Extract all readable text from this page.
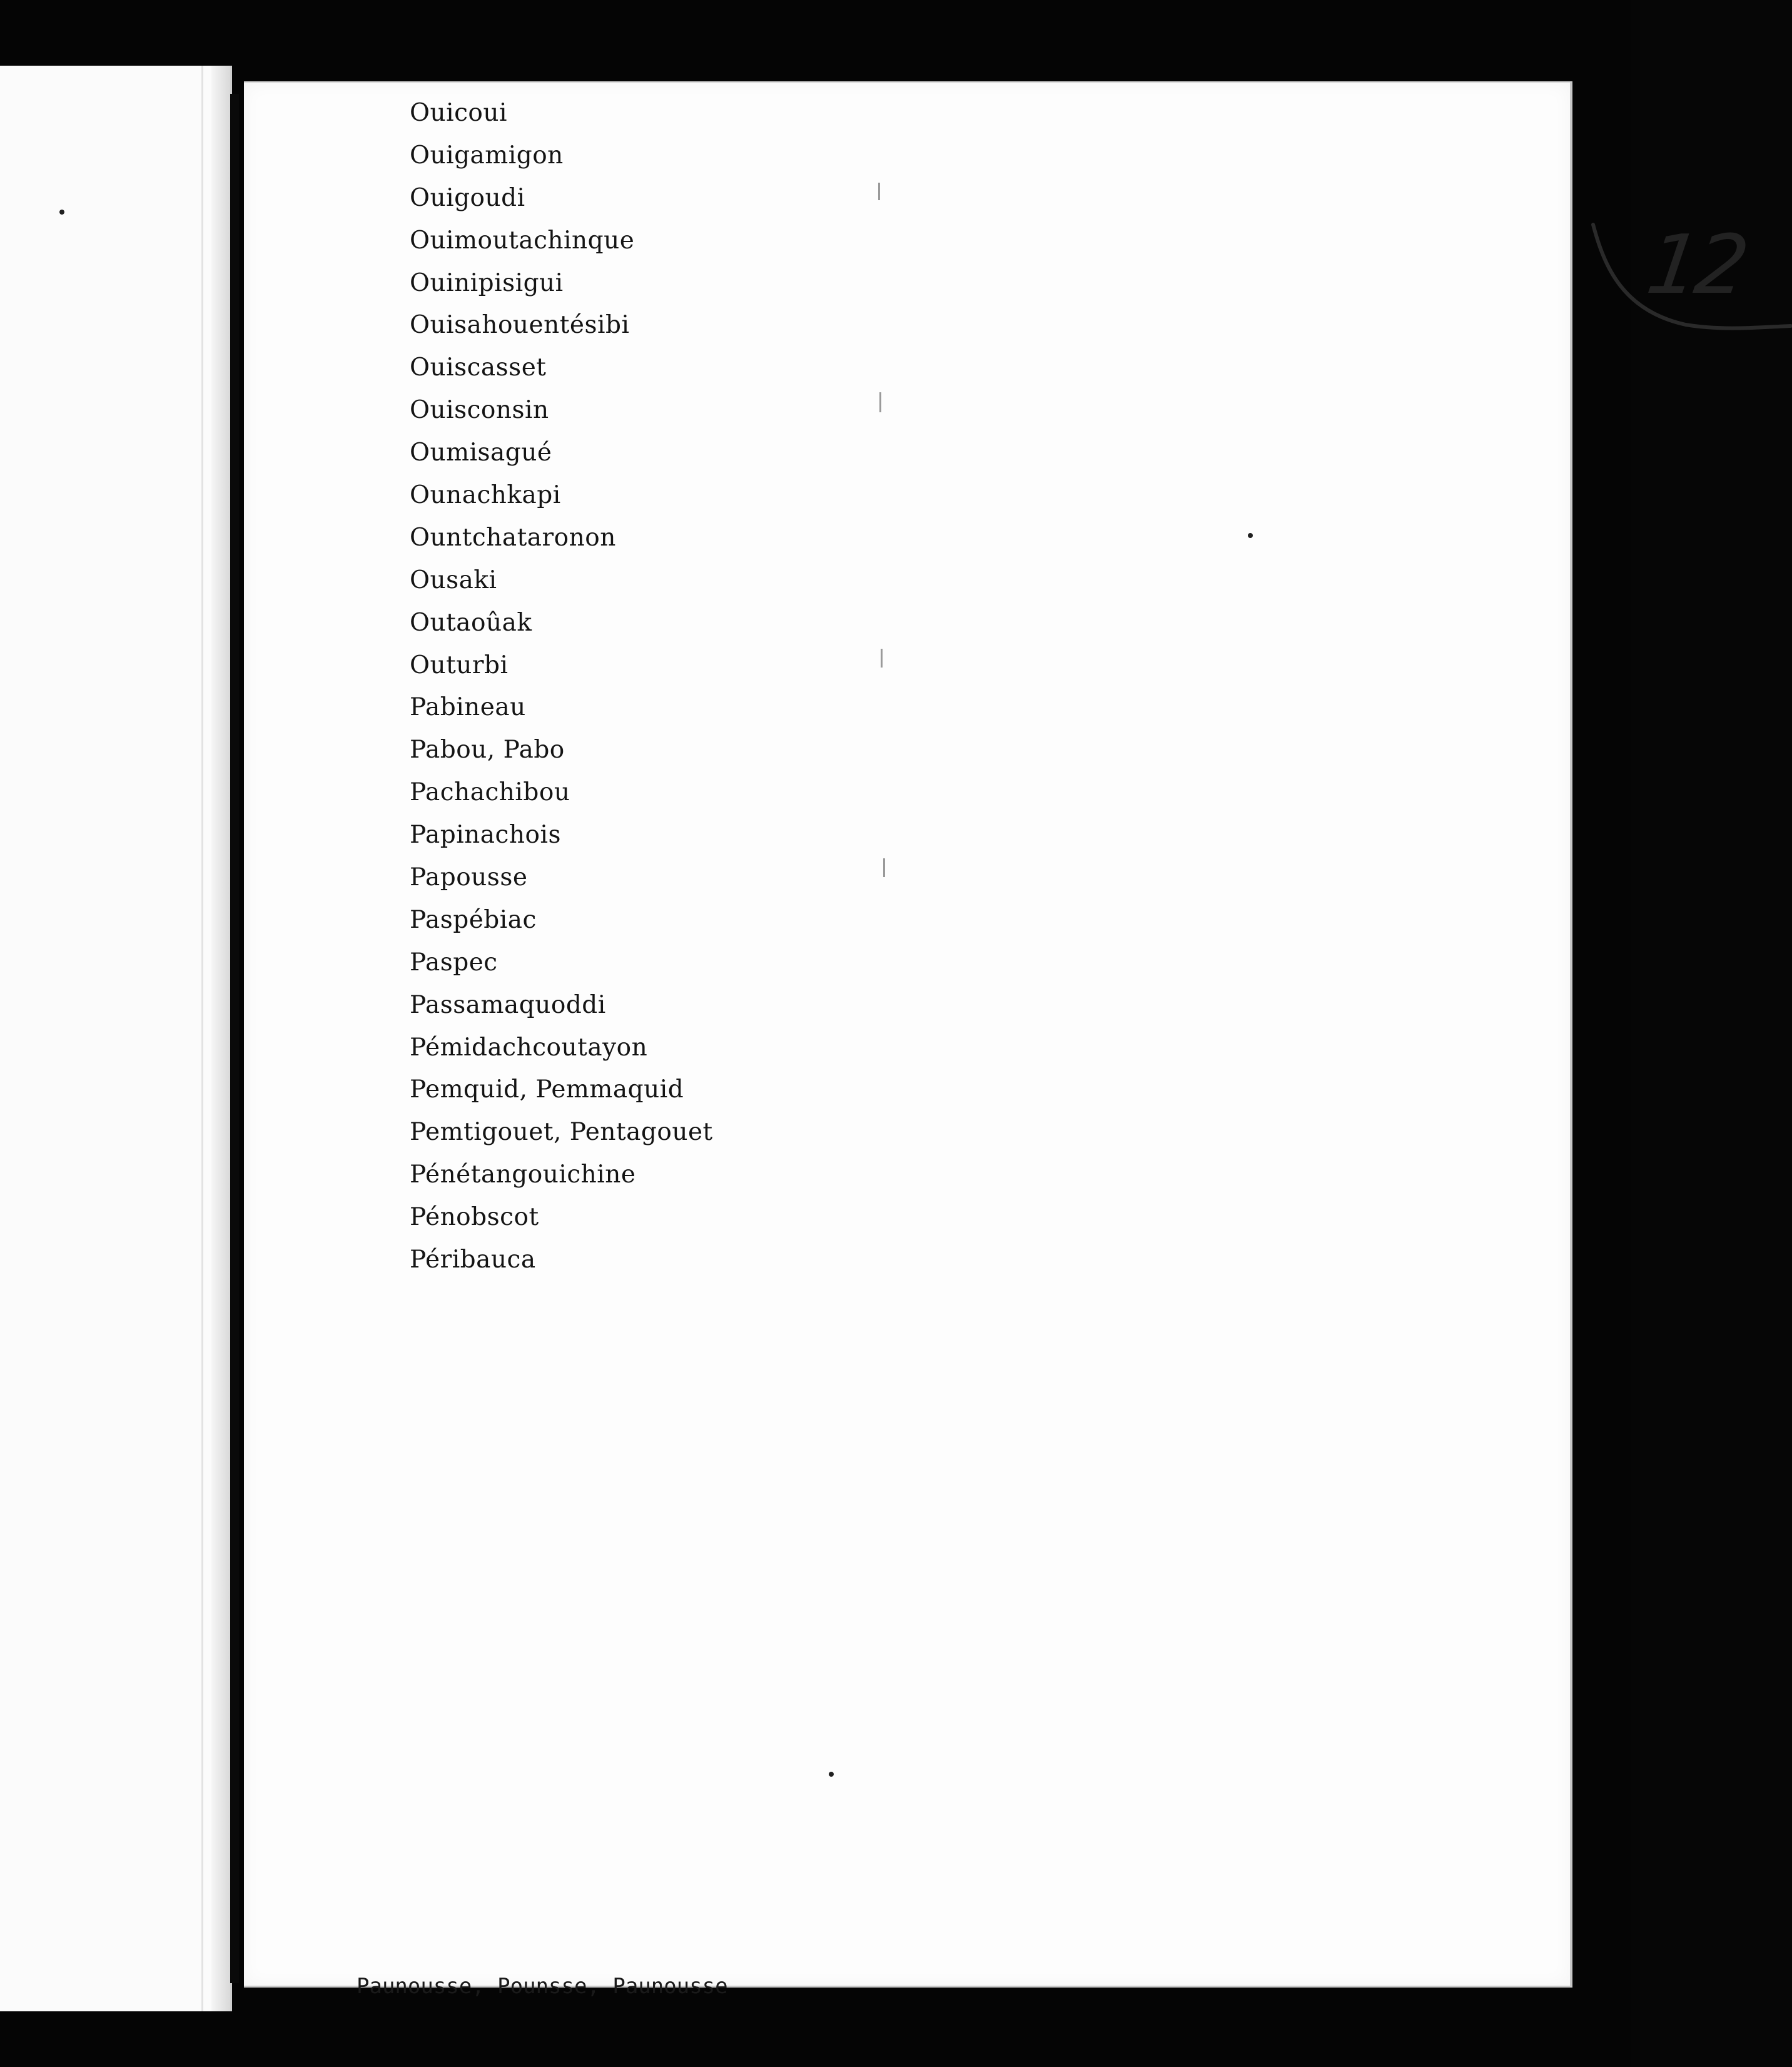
Ouicoui
Ouigamigon
Ouigoudi
Ouimoutachinque
Ouinipisigui
Ouisahouentésibi
Ouiscasset
Ouisconsin
Oumisagué
Ounachkapi
Ountchataronon
Ousaki
Outaoûak
Outurbi
Pabineau
Pabou, Pabo
Pachachibou
Papinachois
Papousse
Paspébiac
Paspec
Passamaquoddi
Pémidachcoutayon
Pemquid, Pemmaquid
Pemtigouet, Pentagouet
Pénétangouichine
Pénobscot
Péribauca
12
Paunousse, Pounsse, Paunousse
